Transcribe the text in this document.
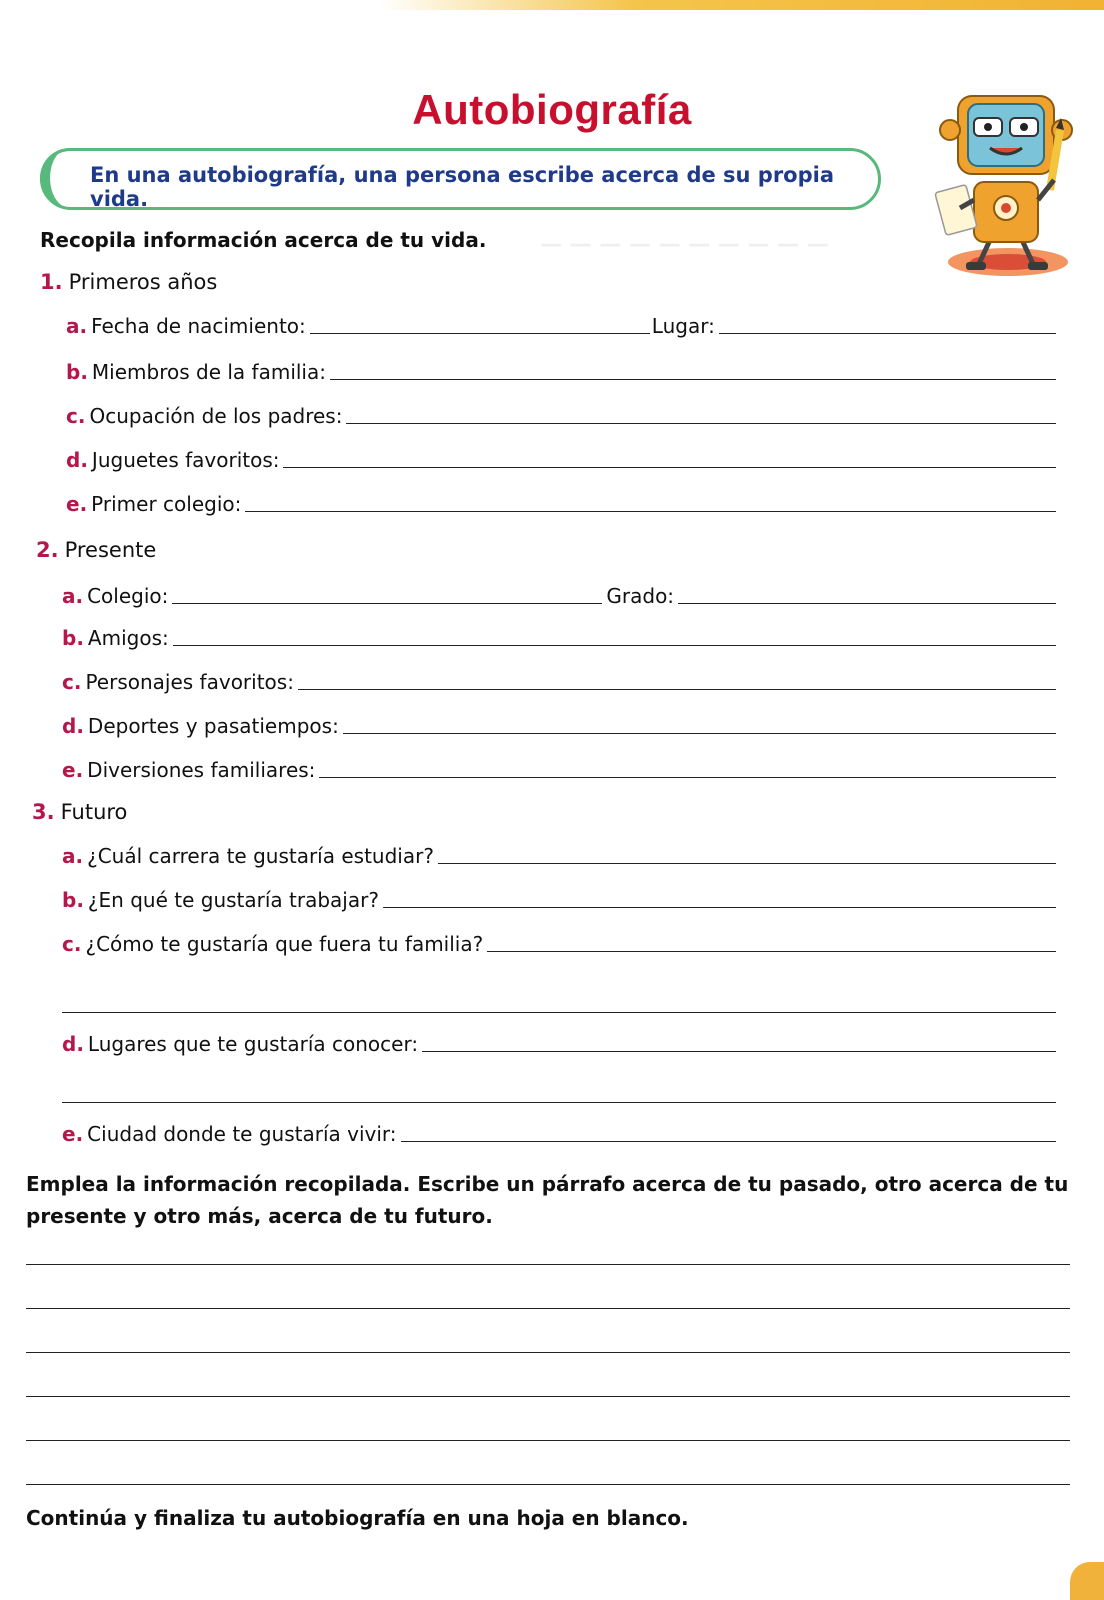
Autobiografía
En una autobiografía, una persona escribe acerca de su propia vida.
— — — — — — — — — —
Recopila información acerca de tu vida.
1. Primeros años
a. Fecha de nacimiento:	Lugar:
b. Miembros de la familia:
c. Ocupación de los padres:
d. Juguetes favoritos:
e. Primer colegio:
2. Presente
a. Colegio:	Grado:
b. Amigos:
c. Personajes favoritos:
d. Deportes y pasatiempos:
e. Diversiones familiares:
3. Futuro
a. ¿Cuál carrera te gustaría estudiar?
b. ¿En qué te gustaría trabajar?
c. ¿Cómo te gustaría que fuera tu familia?
d. Lugares que te gustaría conocer:
e. Ciudad donde te gustaría vivir:
Emplea la información recopilada. Escribe un párrafo acerca de tu pasado, otro acerca de tu presente y otro más, acerca de tu futuro.
Continúa y finaliza tu autobiografía en una hoja en blanco.
